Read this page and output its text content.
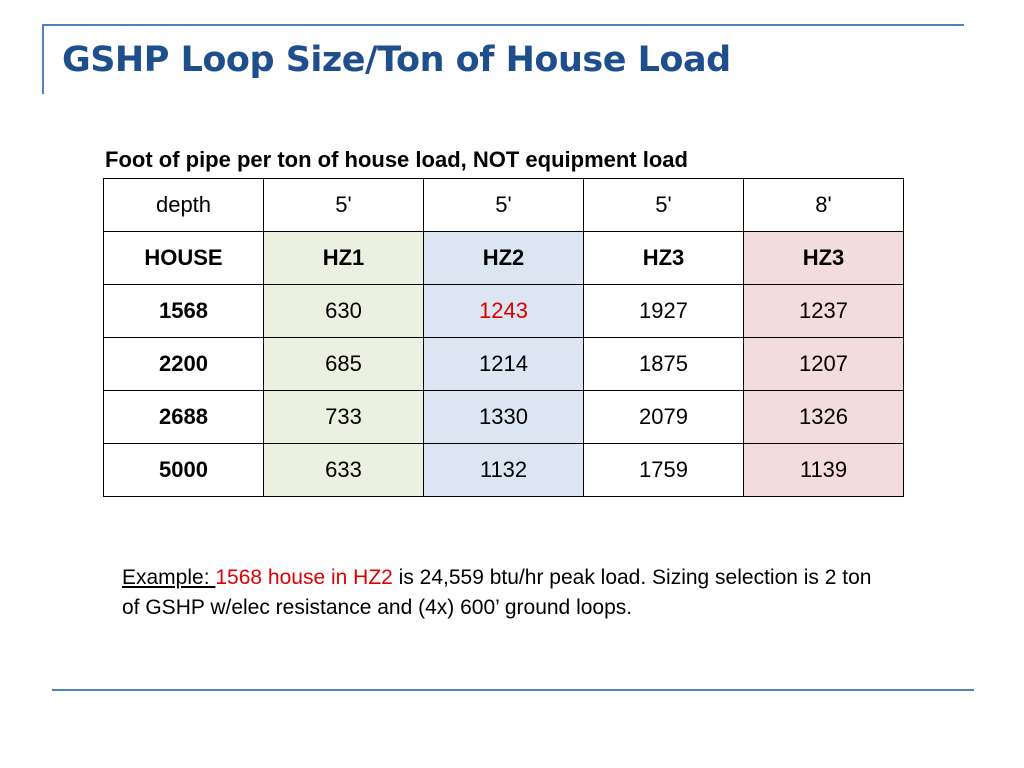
GSHP Loop Size/Ton of House Load
Foot of pipe per ton of house load, NOT equipment load
depth	5'	5'	5'	8'
HOUSE	HZ1	HZ2	HZ3	HZ3
1568	630	1243	1927	1237
2200	685	1214	1875	1207
2688	733	1330	2079	1326
5000	633	1132	1759	1139
Example: 1568 house in HZ2 is 24,559 btu/hr peak load. Sizing selection is 2 ton of GSHP w/elec resistance and (4x) 600’ ground loops.
